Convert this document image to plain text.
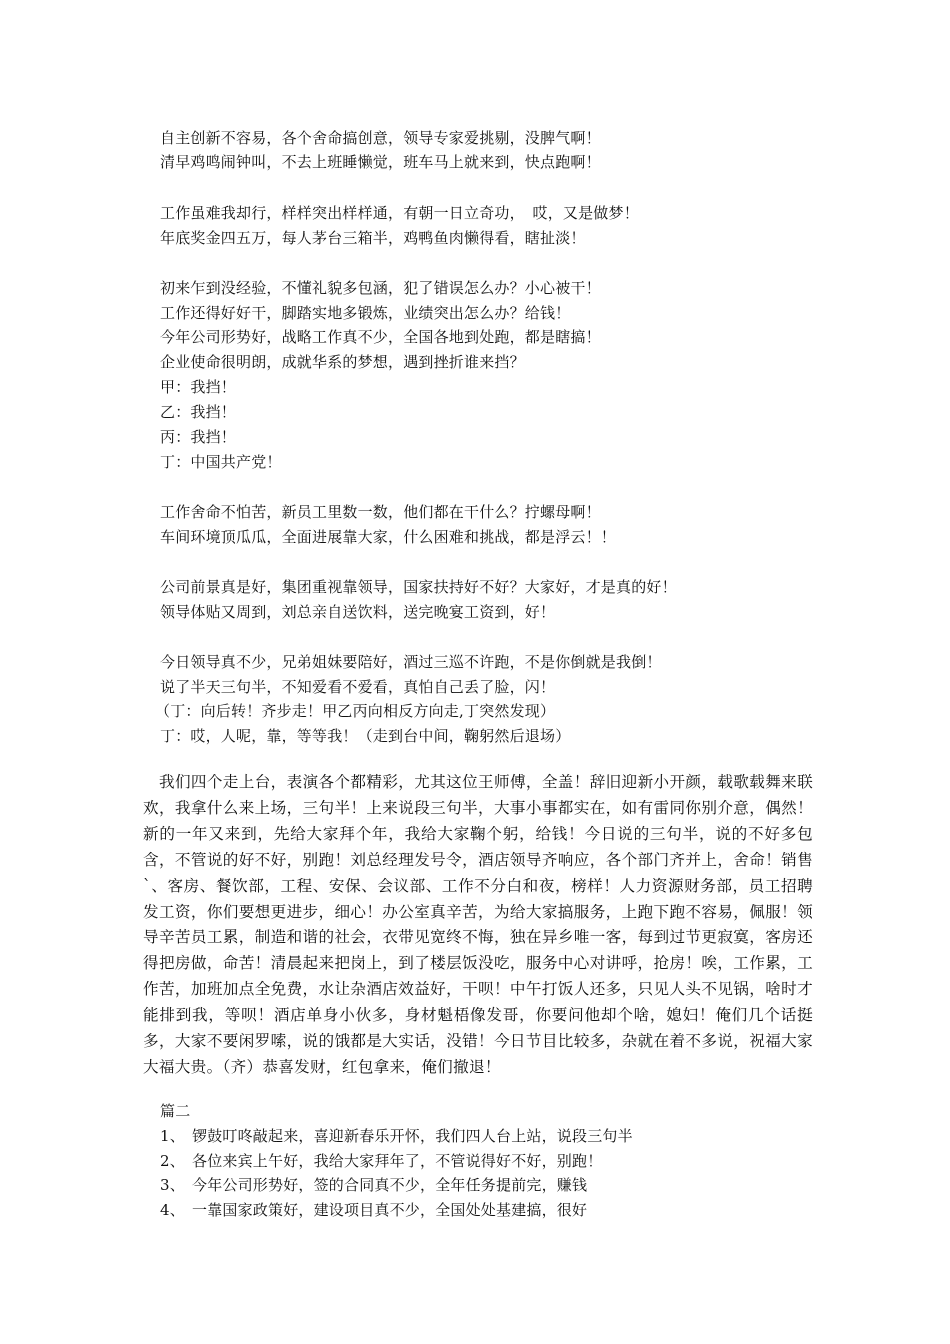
自主创新不容易，各个舍命搞创意，领导专家爱挑剔，没脾气啊！
清早鸡鸣闹钟叫，不去上班睡懒觉，班车马上就来到，快点跑啊！
工作虽难我却行，样样突出样样通，有朝一日立奇功，　哎，又是做梦！
年底奖金四五万，每人茅台三箱半，鸡鸭鱼肉懒得看，瞎扯淡！
初来乍到没经验，不懂礼貌多包涵，犯了错误怎么办？小心被干！
工作还得好好干，脚踏实地多锻炼，业绩突出怎么办？给钱！
今年公司形势好，战略工作真不少，全国各地到处跑，都是瞎搞！
企业使命很明朗，成就华系的梦想，遇到挫折谁来挡？
甲：我挡！
乙：我挡！
丙：我挡！
丁：中国共产党！
工作舍命不怕苦，新员工里数一数，他们都在干什么？拧螺母啊！
车间环境顶瓜瓜，全面进展靠大家，什么困难和挑战，都是浮云！！
公司前景真是好，集团重视靠领导，国家扶持好不好？大家好，才是真的好！
领导体贴又周到，刘总亲自送饮料，送完晚宴工资到，好！
今日领导真不少，兄弟姐妹要陪好，酒过三巡不许跑，不是你倒就是我倒！
说了半天三句半，不知爱看不爱看，真怕自己丢了脸，闪！
（丁：向后转！齐步走！甲乙丙向相反方向走,丁突然发现）
丁：哎，人呢，靠，等等我！（走到台中间，鞠躬然后退场）
我们四个走上台，表演各个都精彩，尤其这位王师傅，全盖！辞旧迎新小开颜，载歌载舞来联欢，我拿什么来上场，三句半！上来说段三句半，大事小事都实在，如有雷同你别介意，偶然！新的一年又来到，先给大家拜个年，我给大家鞠个躬，给钱！今日说的三句半，说的不好多包含，不管说的好不好，别跑！刘总经理发号令，酒店领导齐响应，各个部门齐并上，舍命！销售`、客房、餐饮部，工程、安保、会议部、工作不分白和夜，榜样！人力资源财务部，员工招聘发工资，你们要想更进步，细心！办公室真辛苦，为给大家搞服务，上跑下跑不容易，佩服！领导辛苦员工累，制造和谐的社会，衣带见宽终不悔，独在异乡唯一客，每到过节更寂寞，客房还得把房做，命苦！清晨起来把岗上，到了楼层饭没吃，服务中心对讲呼，抢房！唉，工作累，工作苦，加班加点全免费，水让杂酒店效益好，干呗！中午打饭人还多，只见人头不见锅，啥时才能排到我，等呗！酒店单身小伙多，身材魁梧像发哥，你要问他却个啥，媳妇！俺们几个话挺多，大家不要闲罗嗦，说的饿都是大实话，没错！今日节目比较多，杂就在着不多说，祝福大家大福大贵。（齐）恭喜发财，红包拿来，俺们撤退！
篇二
1、 锣鼓叮咚敲起来，喜迎新春乐开怀，我们四人台上站，说段三句半
2、 各位来宾上午好，我给大家拜年了，不管说得好不好，别跑！
3、 今年公司形势好，签的合同真不少，全年任务提前完，赚钱
4、 一靠国家政策好，建设项目真不少，全国处处基建搞，很好
